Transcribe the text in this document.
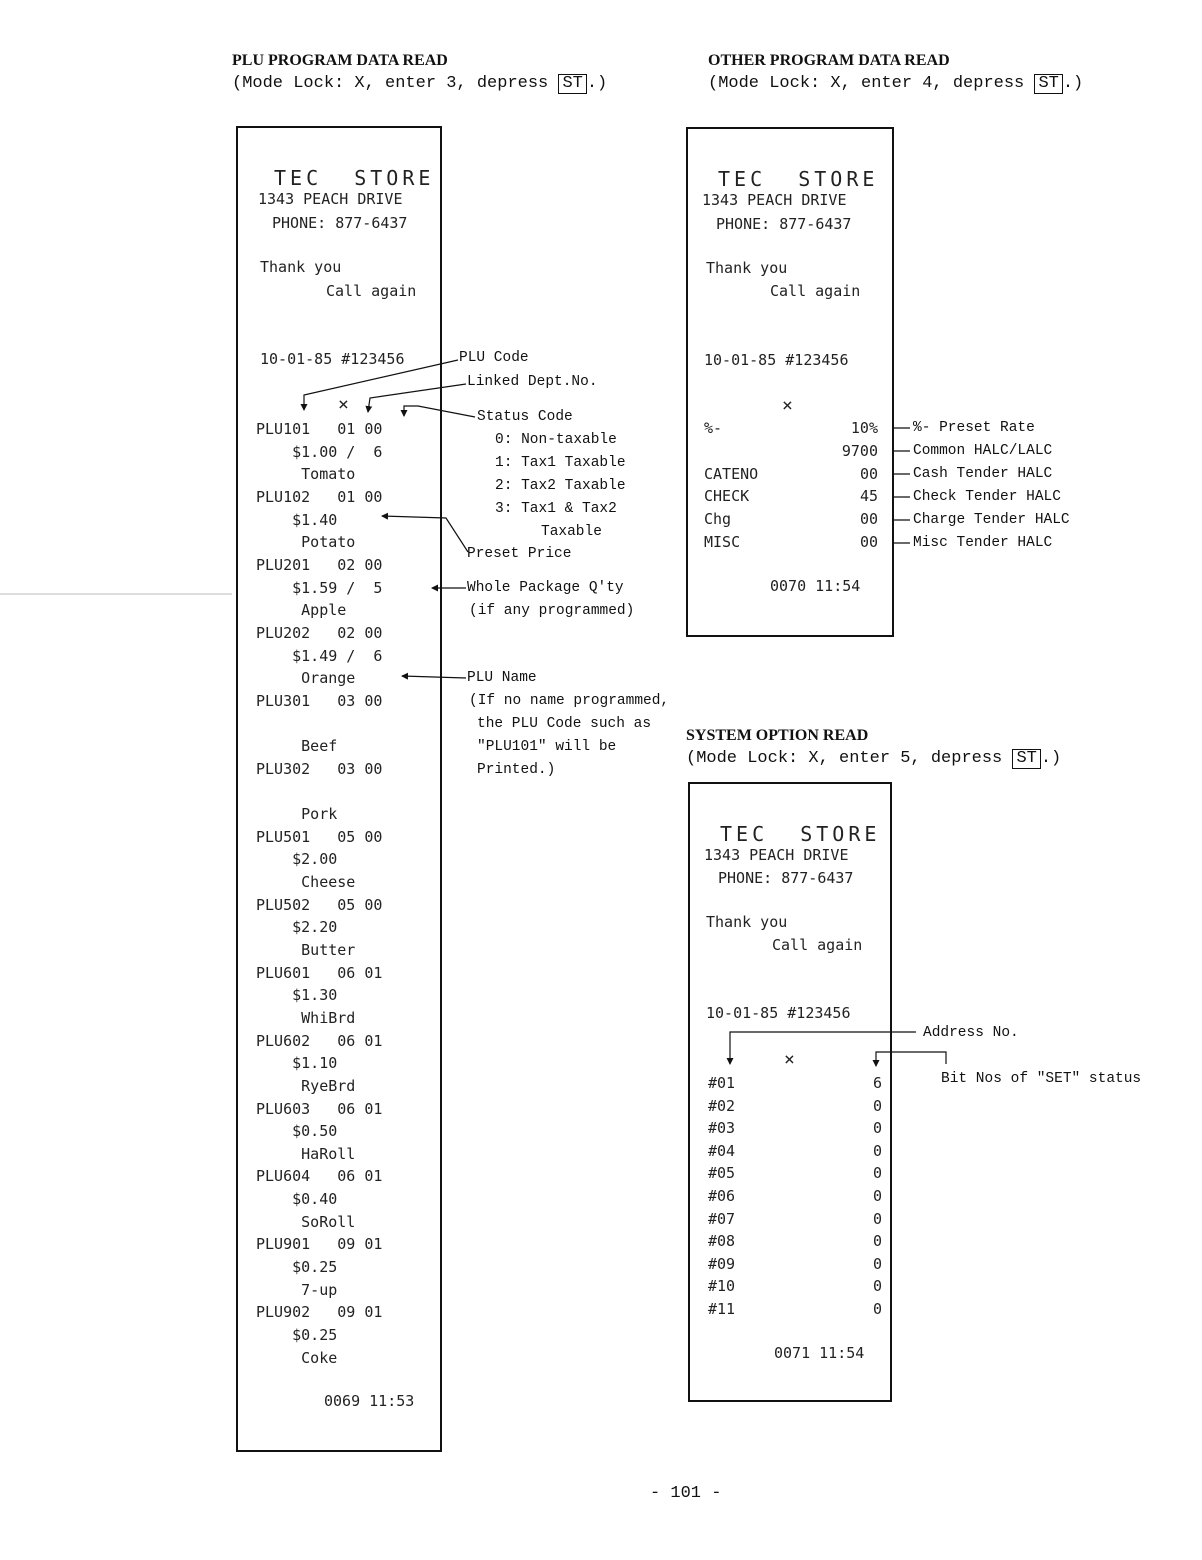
PLU PROGRAM DATA READ
(Mode Lock: X, enter 3, depress ST .)
TEC  STORE
1343 PEACH DRIVE
PHONE: 877-6437
Thank you
Call again
10-01-85 #123456
×
PLU101   01 00
$1.00 /  6
Tomato
PLU102   01 00
$1.40
Potato
PLU201   02 00
$1.59 /  5
Apple
PLU202   02 00
$1.49 /  6
Orange
PLU301   03 00
Beef
PLU302   03 00
Pork
PLU501   05 00
$2.00
Cheese
PLU502   05 00
$2.20
Butter
PLU601   06 01
$1.30
WhiBrd
PLU602   06 01
$1.10
RyeBrd
PLU603   06 01
$0.50
HaRoll
PLU604   06 01
$0.40
SoRoll
PLU901   09 01
$0.25
7-up
PLU902   09 01
$0.25
Coke
0069 11:53
PLU Code
Linked Dept.No.
Status Code
0: Non-taxable
1: Tax1 Taxable
2: Tax2 Taxable
3: Tax1 & Tax2
Taxable
Preset Price
Whole Package Q'ty
(if any programmed)
PLU Name
(If no name programmed,
the PLU Code such as
"PLU101" will be
Printed.)
OTHER PROGRAM DATA READ
(Mode Lock: X, enter 4, depress ST .)
TEC  STORE
1343 PEACH DRIVE
PHONE: 877-6437
Thank you
Call again
10-01-85 #123456
×
%-	10%
9700
CATENO	00
CHECK	45
Chg	00
MISC	00
0070 11:54
%- Preset Rate
Common HALC/LALC
Cash Tender HALC
Check Tender HALC
Charge Tender HALC
Misc Tender HALC
SYSTEM OPTION READ
(Mode Lock: X, enter 5, depress ST .)
TEC  STORE
1343 PEACH DRIVE
PHONE: 877-6437
Thank you
Call again
10-01-85 #123456
×
#01	6
#02	0
#03	0
#04	0
#05	0
#06	0
#07	0
#08	0
#09	0
#10	0
#11	0
0071 11:54
Address No.
Bit Nos of "SET" status
- 101 -
